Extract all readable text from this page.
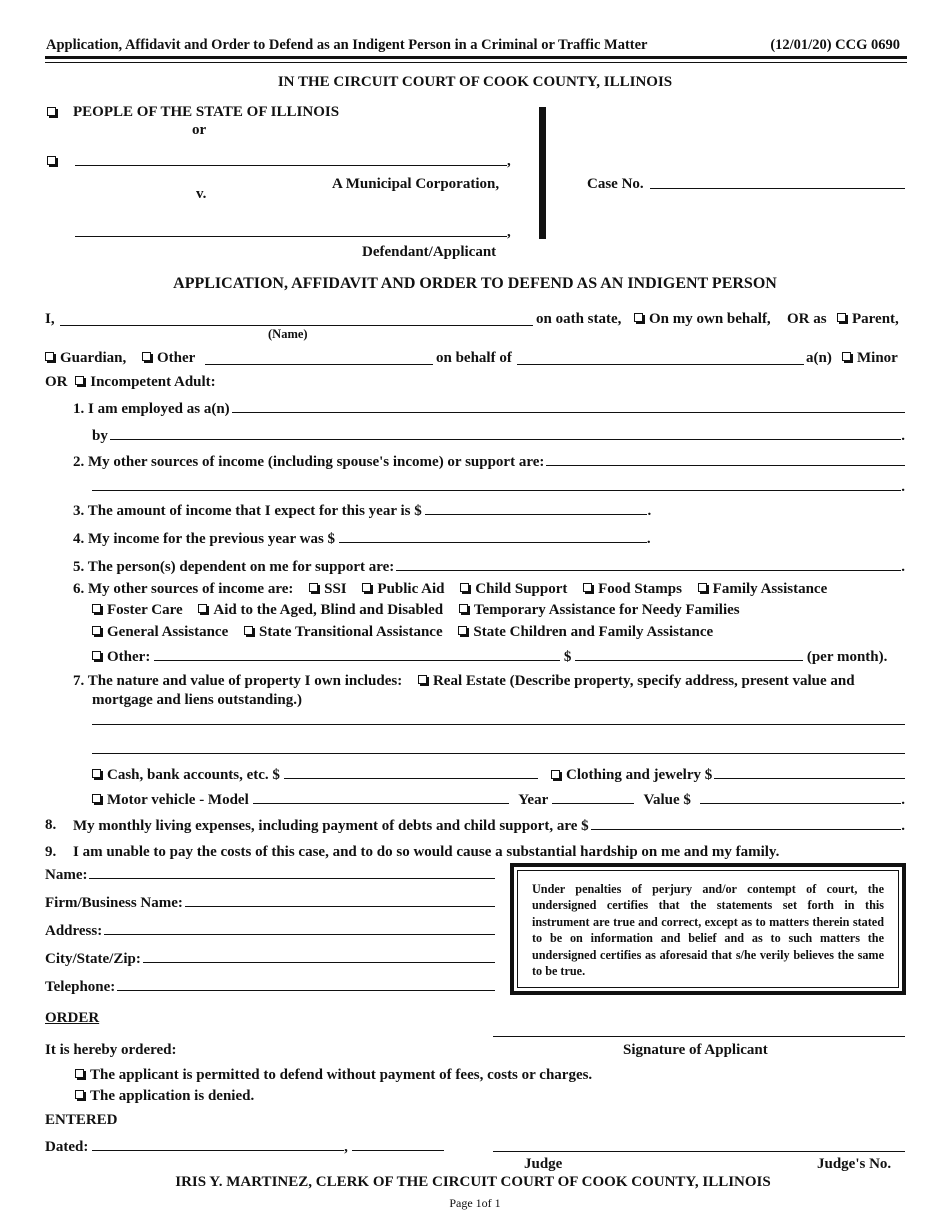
Application, Affidavit and Order to Defend as an Indigent Person in a Criminal or Traffic Matter	(12/01/20) CCG 0690
IN THE CIRCUIT COURT OF COOK COUNTY, ILLINOIS
PEOPLE OF THE STATE OF ILLINOIS
or
,
A Municipal Corporation,
v.
,
Defendant/Applicant
Case No.
APPLICATION, AFFIDAVIT AND ORDER TO DEFEND AS AN INDIGENT PERSON
I,	on oath state,	On my own behalf, OR as	Parent,
(Name)
Guardian,	Other	on behalf of	a(n)	Minor
OR Incompetent Adult:
1. I am employed as a(n)
by	.
2. My other sources of income (including spouse's income) or support are:
.
3. The amount of income that I expect for this year is $	.
4. My income for the previous year was $	.
5. The person(s) dependent on me for support are:	.
6. My other sources of income are: SSI Public Aid Child Support Food Stamps Family Assistance
Foster Care Aid to the Aged, Blind and Disabled Temporary Assistance for Needy Families
General Assistance State Transitional Assistance State Children and Family Assistance
Other:	$	(per month).
7. The nature and value of property I own includes: Real Estate (Describe property, specify address, present value and
mortgage and liens outstanding.)
Cash, bank accounts, etc. $	Clothing and jewelry $
Motor vehicle - Model	Year	Value $	.
8. My monthly living expenses, including payment of debts and child support, are $	.
9. I am unable to pay the costs of this case, and to do so would cause a substantial hardship on me and my family.
Name:
Firm/Business Name:
Address:
City/State/Zip:
Telephone:
Under penalties of perjury and/or contempt of court, the undersigned certifies that the statements set forth in this instrument are true and correct, except as to matters therein stated to be on information and belief and as to such matters the undersigned certifies as aforesaid that s/he verily believes the same to be true.
ORDER
It is hereby ordered:	Signature of Applicant
The applicant is permitted to defend without payment of fees, costs or charges.
The application is denied.
ENTERED
Dated:	,
Judge	Judge's No.
IRIS Y. MARTINEZ, CLERK OF THE CIRCUIT COURT OF COOK COUNTY, ILLINOIS
Page 1of 1
